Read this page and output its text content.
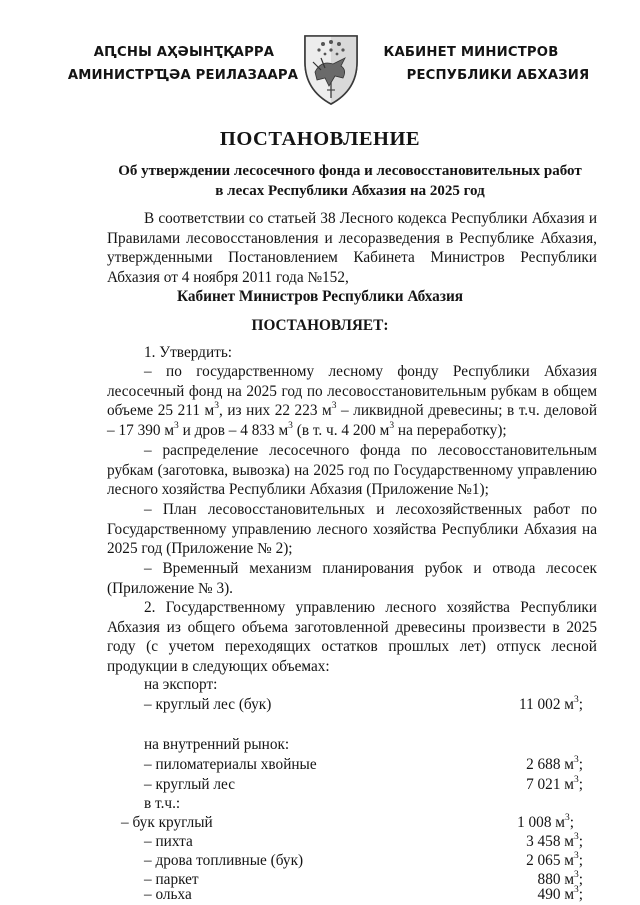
АԤСНЫ АҲӘЫНҬҚАРРА
АМИНИСТРҴӘА РЕИЛАЗААРА
КАБИНЕТ МИНИСТРОВ
РЕСПУБЛИКИ АБХАЗИЯ
ПОСТАНОВЛЕНИЕ
Об утверждении лесосечного фонда и лесовосстановительных работ
в лесах Республики Абхазия на 2025 год
В соответствии со статьей 38 Лесного кодекса Республики Абхазия и Правилами лесовосстановления и лесоразведения в Республике Абхазия, утвержденными Постановлением Кабинета Министров Республики Абхазия от 4 ноября 2011 года №152,
Кабинет Министров Республики Абхазия
ПОСТАНОВЛЯЕТ:
1. Утвердить:
– по государственному лесному фонду Республики Абхазия лесосечный фонд на 2025 год по лесовосстановительным рубкам в общем объеме 25 211 $м^3$, из них 22 223 $м^3$ – ликвидной древесины; в т.ч. деловой – 17 390 $м^3$ и дров – 4 833 $м^3$ (в т. ч. 4 200 $м^3$ на переработку);
– распределение лесосечного фонда по лесовосстановительным рубкам (заготовка, вывозка) на 2025 год по Государственному управлению лесного хозяйства Республики Абхазия (Приложение №1);
– План лесовосстановительных и лесохозяйственных работ по Государственному управлению лесного хозяйства Республики Абхазия на 2025 год (Приложение № 2);
– Временный механизм планирования рубок и отвода лесосек (Приложение № 3).
2. Государственному управлению лесного хозяйства Республики Абхазия из общего объема заготовленной древесины произвести в 2025 году (с учетом переходящих остатков прошлых лет) отпуск лесной продукции в следующих объемах:
на экспорт:
– круглый лес (бук)	11 002 $м^3$;
на внутренний рынок:
– пиломатериалы хвойные	2 688 $м^3$;
– круглый лес	7 021 $м^3$;
в т.ч.:
– бук круглый	1 008 $м^3$;
– пихта	3 458 $м^3$;
– дрова топливные (бук)	2 065 $м^3$;
– паркет	880 $м^3$;
– ольха	490 $м^3$;
